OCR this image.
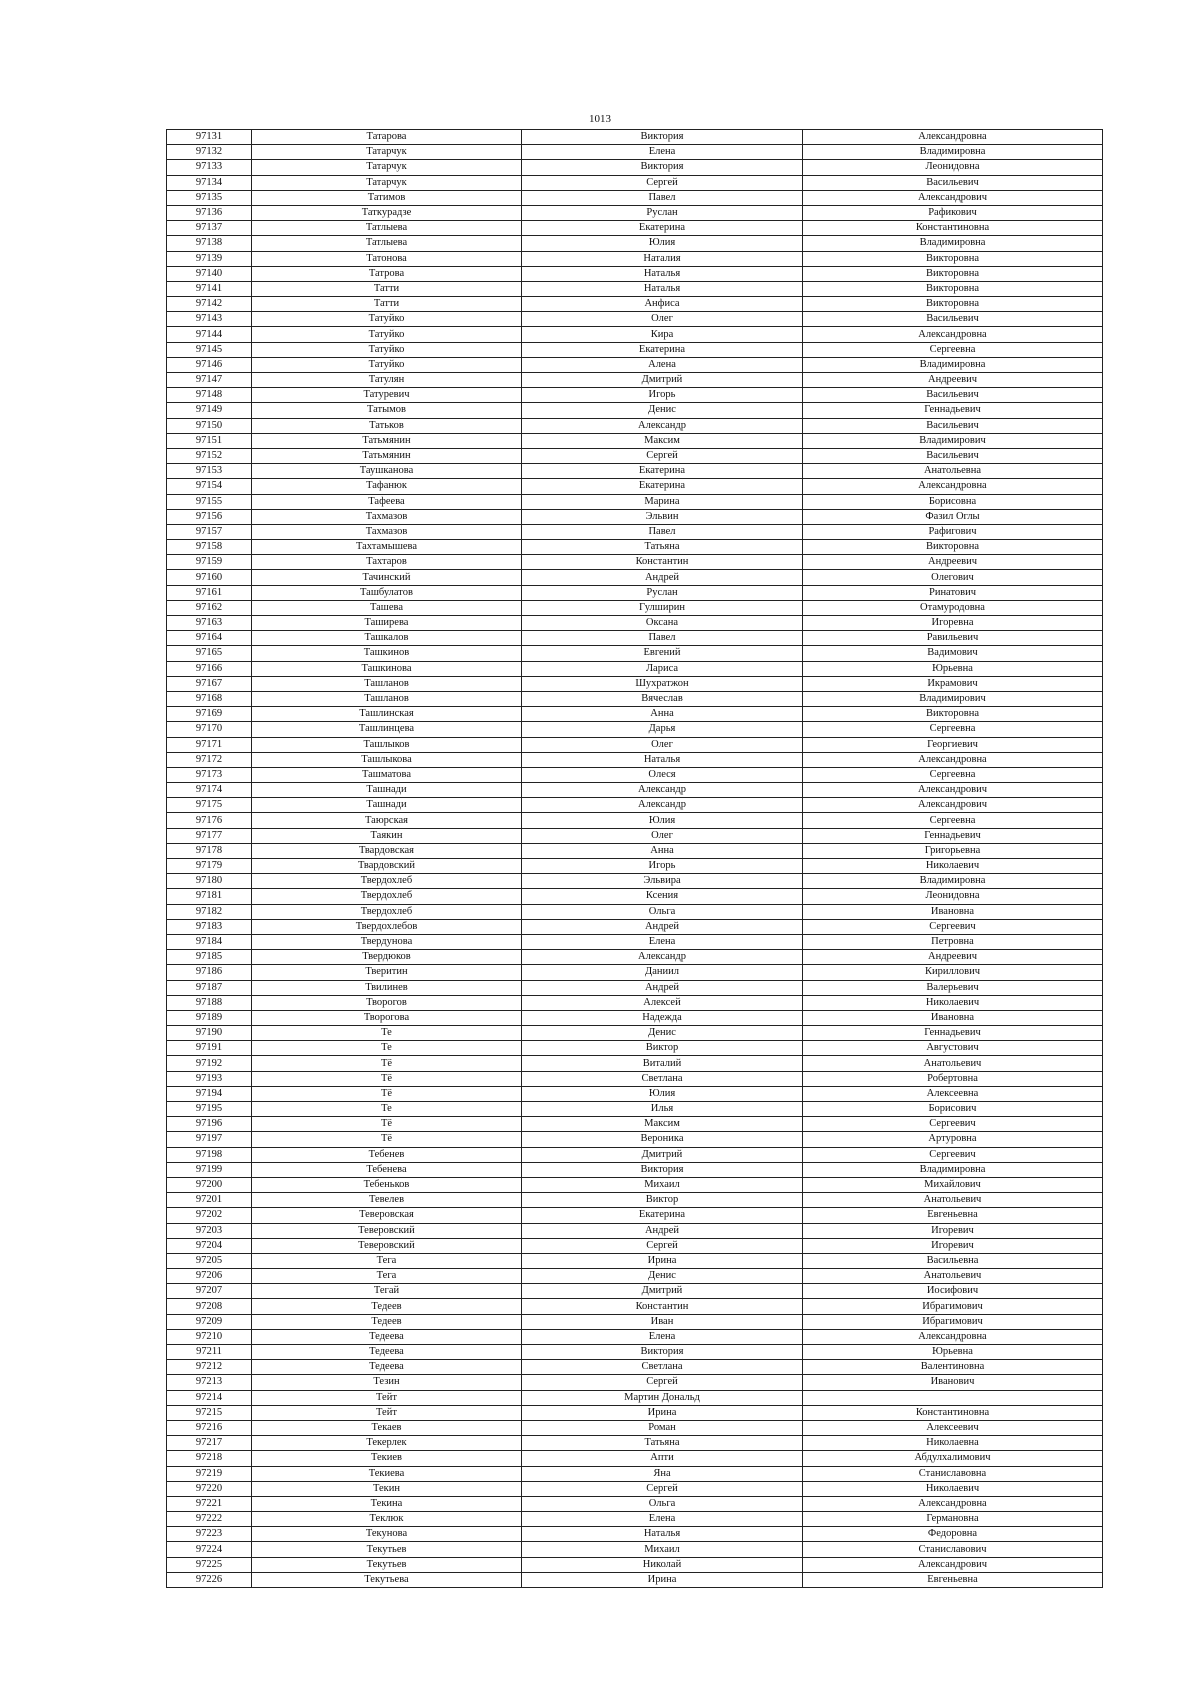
1013
97131	Татарова	Виктория	Александровна
97132	Татарчук	Елена	Владимировна
97133	Татарчук	Виктория	Леонидовна
97134	Татарчук	Сергей	Васильевич
97135	Татимов	Павел	Александрович
97136	Таткурадзе	Руслан	Рафикович
97137	Татлыева	Екатерина	Константиновна
97138	Татлыева	Юлия	Владимировна
97139	Татонова	Наталия	Викторовна
97140	Татрова	Наталья	Викторовна
97141	Татти	Наталья	Викторовна
97142	Татти	Анфиса	Викторовна
97143	Татуйко	Олег	Васильевич
97144	Татуйко	Кира	Александровна
97145	Татуйко	Екатерина	Сергеевна
97146	Татуйко	Алена	Владимировна
97147	Татулян	Дмитрий	Андреевич
97148	Татуревич	Игорь	Васильевич
97149	Татымов	Денис	Геннадьевич
97150	Татьков	Александр	Васильевич
97151	Татьмянин	Максим	Владимирович
97152	Татьмянин	Сергей	Васильевич
97153	Таушканова	Екатерина	Анатольевна
97154	Тафанюк	Екатерина	Александровна
97155	Тафеева	Марина	Борисовна
97156	Тахмазов	Эльвин	Фазил Оглы
97157	Тахмазов	Павел	Рафигович
97158	Тахтамышева	Татьяна	Викторовна
97159	Тахтаров	Константин	Андреевич
97160	Тачинский	Андрей	Олегович
97161	Ташбулатов	Руслан	Ринатович
97162	Ташева	Гулширин	Отамуродовна
97163	Таширева	Оксана	Игоревна
97164	Ташкалов	Павел	Равильевич
97165	Ташкинов	Евгений	Вадимович
97166	Ташкинова	Лариса	Юрьевна
97167	Ташланов	Шухратжон	Икрамович
97168	Ташланов	Вячеслав	Владимирович
97169	Ташлинская	Анна	Викторовна
97170	Ташлинцева	Дарья	Сергеевна
97171	Ташлыков	Олег	Георгиевич
97172	Ташлыкова	Наталья	Александровна
97173	Ташматова	Олеся	Сергеевна
97174	Ташнади	Александр	Александрович
97175	Ташнади	Александр	Александрович
97176	Таюрская	Юлия	Сергеевна
97177	Таякин	Олег	Геннадьевич
97178	Твардовская	Анна	Григорьевна
97179	Твардовский	Игорь	Николаевич
97180	Твердохлеб	Эльвира	Владимировна
97181	Твердохлеб	Ксения	Леонидовна
97182	Твердохлеб	Ольга	Ивановна
97183	Твердохлебов	Андрей	Сергеевич
97184	Твердунова	Елена	Петровна
97185	Твердюков	Александр	Андреевич
97186	Тверитин	Даниил	Кириллович
97187	Твилинев	Андрей	Валерьевич
97188	Творогов	Алексей	Николаевич
97189	Творогова	Надежда	Ивановна
97190	Те	Денис	Геннадьевич
97191	Те	Виктор	Августович
97192	Тё	Виталий	Анатольевич
97193	Тё	Светлана	Робертовна
97194	Тё	Юлия	Алексеевна
97195	Те	Илья	Борисович
97196	Тё	Максим	Сергеевич
97197	Тё	Вероника	Артуровна
97198	Тебенев	Дмитрий	Сергеевич
97199	Тебенева	Виктория	Владимировна
97200	Тебеньков	Михаил	Михайлович
97201	Тевелев	Виктор	Анатольевич
97202	Теверовская	Екатерина	Евгеньевна
97203	Теверовский	Андрей	Игоревич
97204	Теверовский	Сергей	Игоревич
97205	Тега	Ирина	Васильевна
97206	Тега	Денис	Анатольевич
97207	Тегай	Дмитрий	Иосифович
97208	Тедеев	Константин	Ибрагимович
97209	Тедеев	Иван	Ибрагимович
97210	Тедеева	Елена	Александровна
97211	Тедеева	Виктория	Юрьевна
97212	Тедеева	Светлана	Валентиновна
97213	Тезин	Сергей	Иванович
97214	Тейт	Мартин Дональд	
97215	Тейт	Ирина	Константиновна
97216	Текаев	Роман	Алексеевич
97217	Текерлек	Татьяна	Николаевна
97218	Текиев	Апти	Абдулхалимович
97219	Текиева	Яна	Станиславовна
97220	Текин	Сергей	Николаевич
97221	Текина	Ольга	Александровна
97222	Теклюк	Елена	Германовна
97223	Текунова	Наталья	Федоровна
97224	Текутьев	Михаил	Станиславович
97225	Текутьев	Николай	Александрович
97226	Текутьева	Ирина	Евгеньевна
